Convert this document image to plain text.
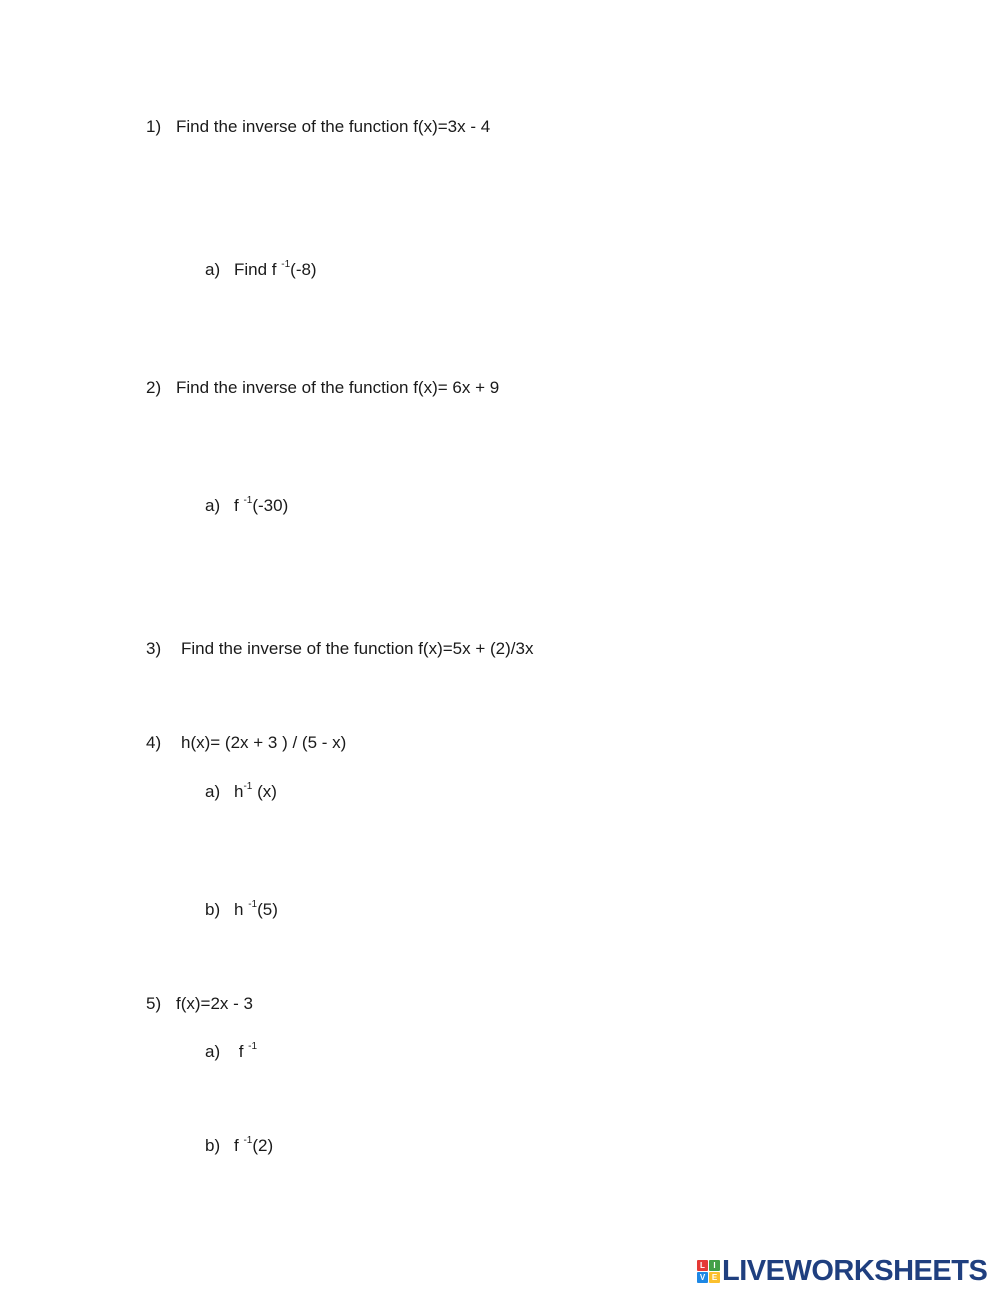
1) Find the inverse of the function f(x)=3x - 4
a) Find f $^{-1}$(-8)
2) Find the inverse of the function f(x)= 6x + 9
a) f $^{-1}$(-30)
3) Find the inverse of the function f(x)=5x + (2)/3x
4) h(x)= (2x + 3 ) / (5 - x)
a) $h^{-1}$ (x)
b) h $^{-1}$(5)
5) f(x)=2x - 3
a) f $^{-1}$
b) f $^{-1}$(2)
L	I
V E LIVEWORKSHEETS
